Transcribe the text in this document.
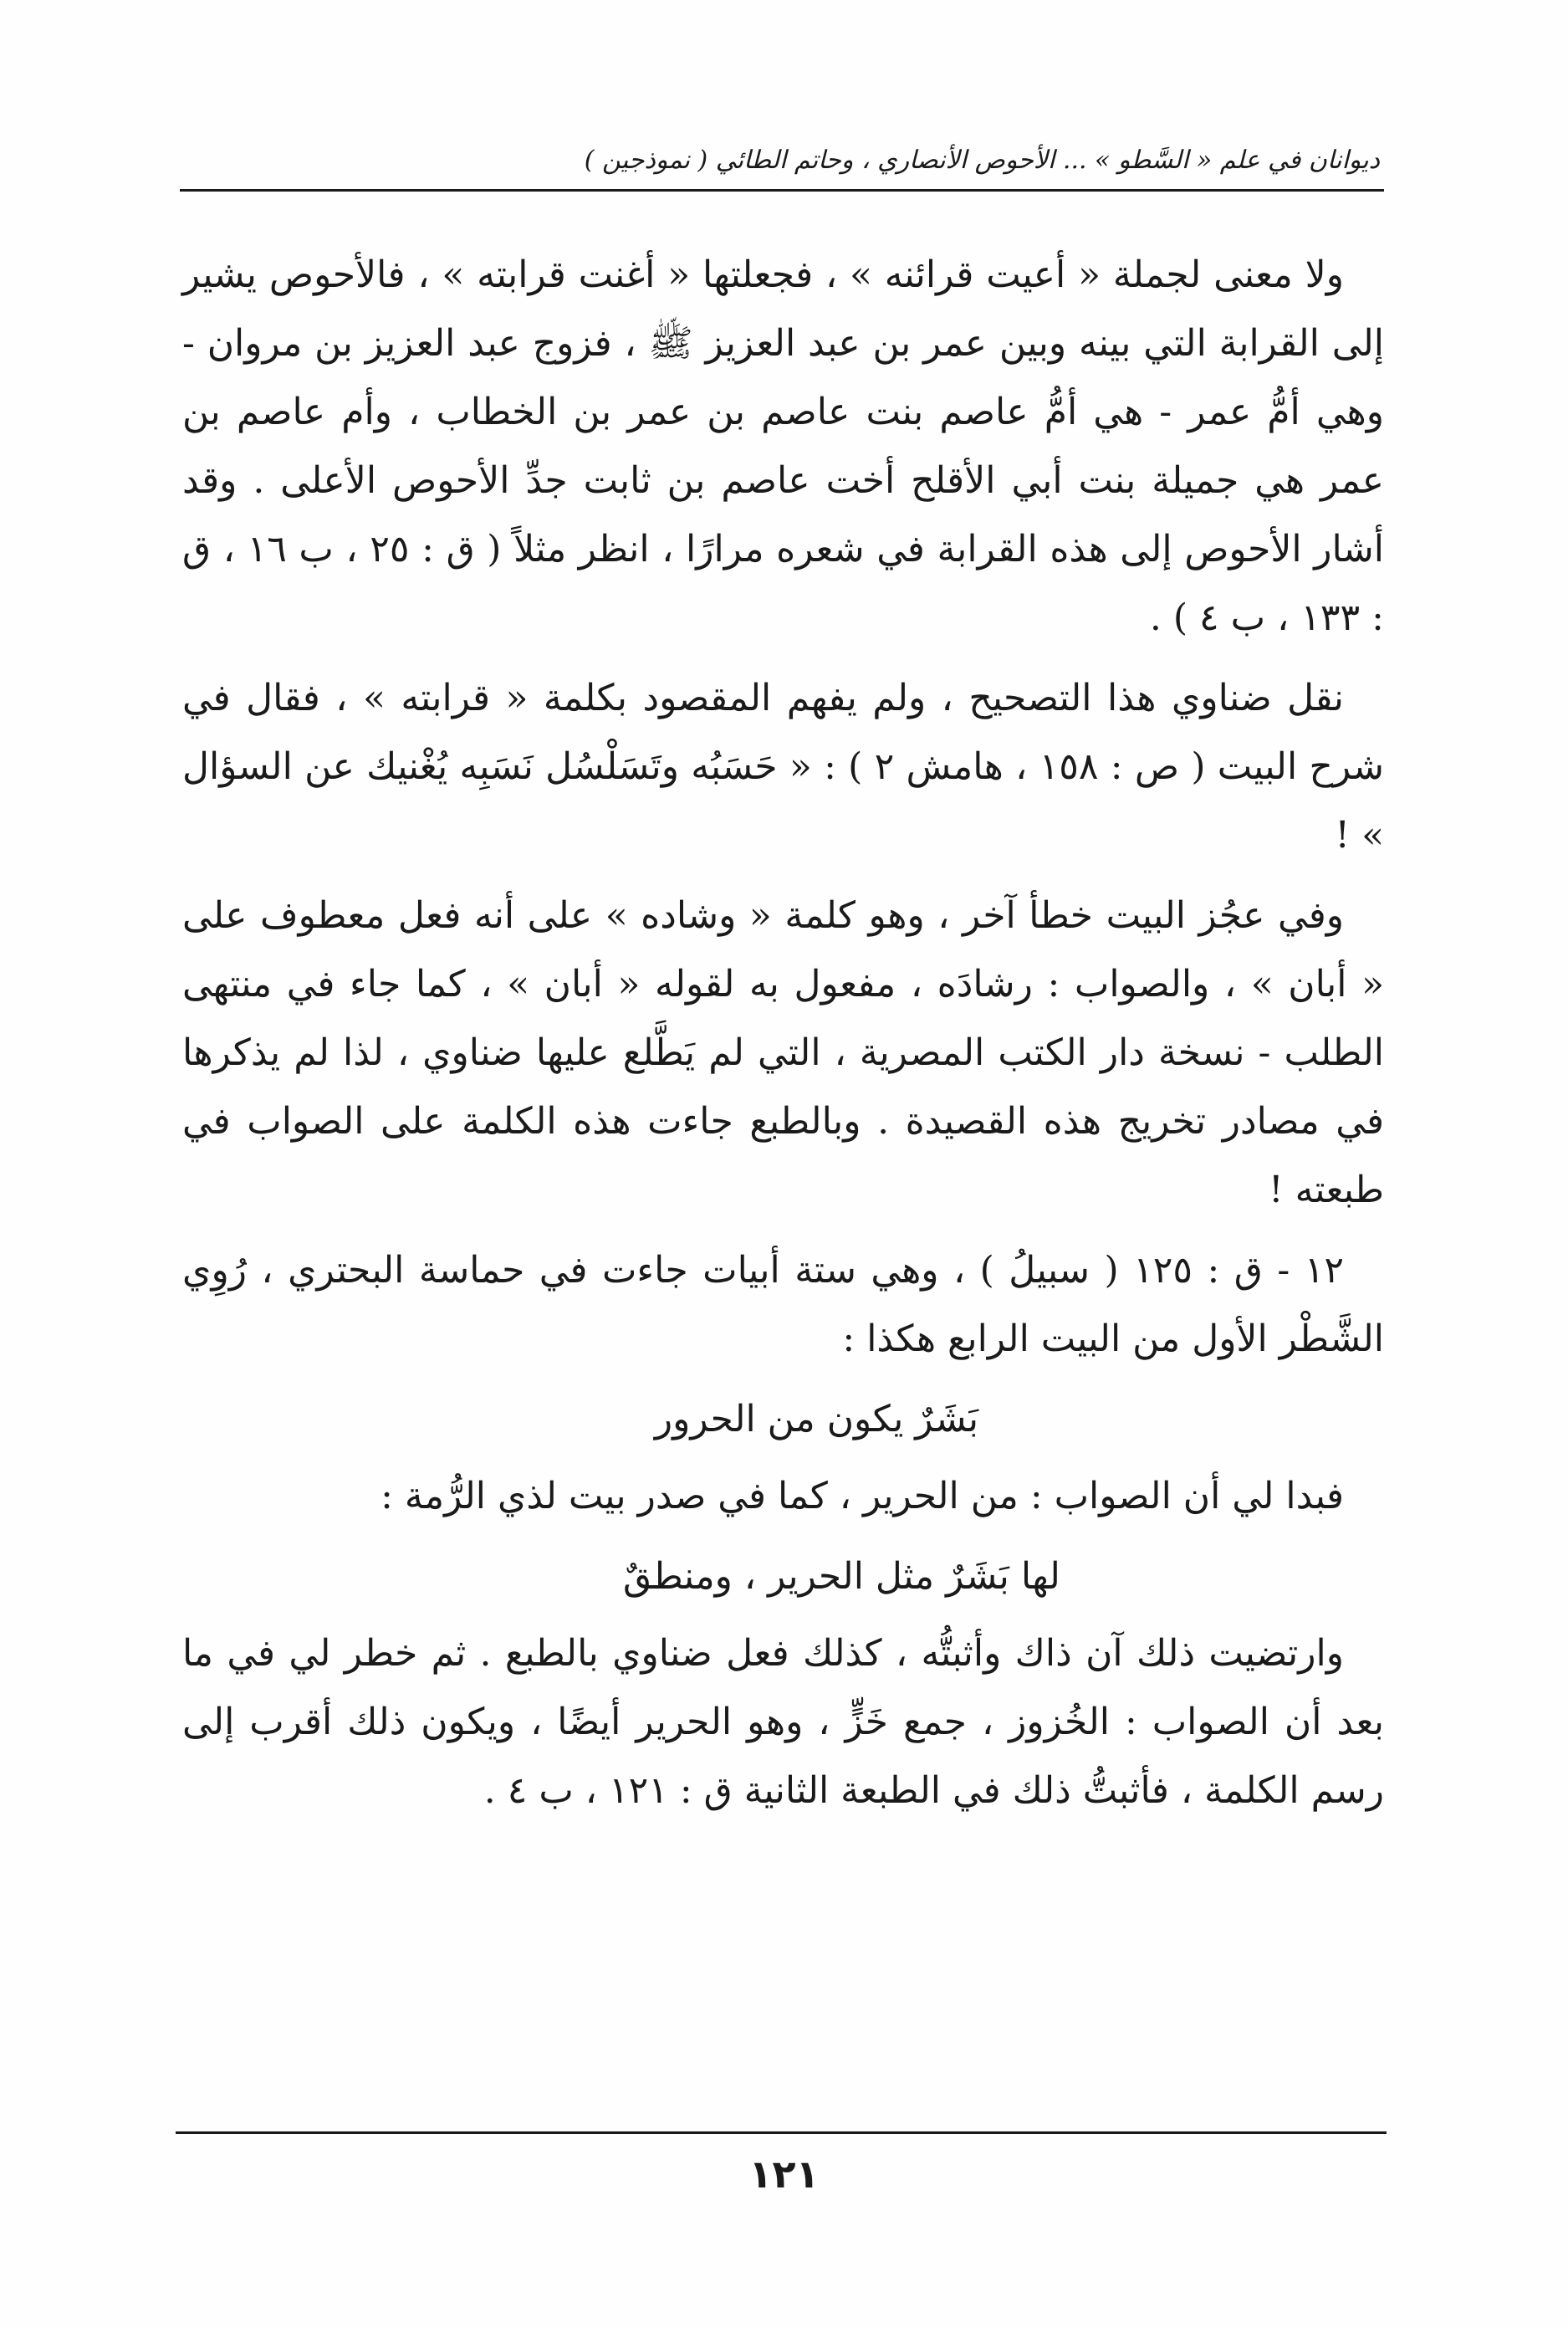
ديوانان في علم « السَّطو » ... الأحوص الأنصاري ، وحاتم الطائي ( نموذجين )

ولا معنى لجملة « أعيت قرائنه » ، فجعلتها « أغنت قرابته » ، فالأحوص يشير إلى القرابة التي بينه وبين عمر بن عبد العزيز ﷺ ، فزوج عبد العزيز بن مروان - وهي أمُّ عمر - هي أمُّ عاصم بنت عاصم بن عمر بن الخطاب ، وأم عاصم بن عمر هي جميلة بنت أبي الأقلح أخت عاصم بن ثابت جدِّ الأحوص الأعلى . وقد أشار الأحوص إلى هذه القرابة في شعره مرارًا ، انظر مثلاً ( ق : ٢٥ ، ب ١٦ ، ق : ١٣٣ ، ب ٤ ) .

نقل ضناوي هذا التصحيح ، ولم يفهم المقصود بكلمة « قرابته » ، فقال في شرح البيت ( ص : ١٥٨ ، هامش ٢ ) : « حَسَبُه وتَسَلْسُل نَسَبِه يُغْنيك عن السؤال » !

وفي عجُز البيت خطأ آخر ، وهو كلمة « وشاده » على أنه فعل معطوف على « أبان » ، والصواب : رشادَه ، مفعول به لقوله « أبان » ، كما جاء في منتهى الطلب - نسخة دار الكتب المصرية ، التي لم يَطَّلع عليها ضناوي ، لذا لم يذكرها في مصادر تخريج هذه القصيدة . وبالطبع جاءت هذه الكلمة على الصواب في طبعته !

١٢ - ق : ١٢٥ ( سبيلُ ) ، وهي ستة أبيات جاءت في حماسة البحتري ، رُوِي الشَّطْر الأول من البيت الرابع هكذا :

بَشَرٌ يكون من الحرور

فبدا لي أن الصواب : من الحرير ، كما في صدر بيت لذي الرُّمة :

لها بَشَرٌ مثل الحرير ، ومنطقٌ

وارتضيت ذلك آن ذاك وأثبتُّه ، كذلك فعل ضناوي بالطبع . ثم خطر لي في ما بعد أن الصواب : الخُزوز ، جمع خَزٍّ ، وهو الحرير أيضًا ، ويكون ذلك أقرب إلى رسم الكلمة ، فأثبتُّ ذلك في الطبعة الثانية ق : ١٢١ ، ب ٤ .

١٢١
